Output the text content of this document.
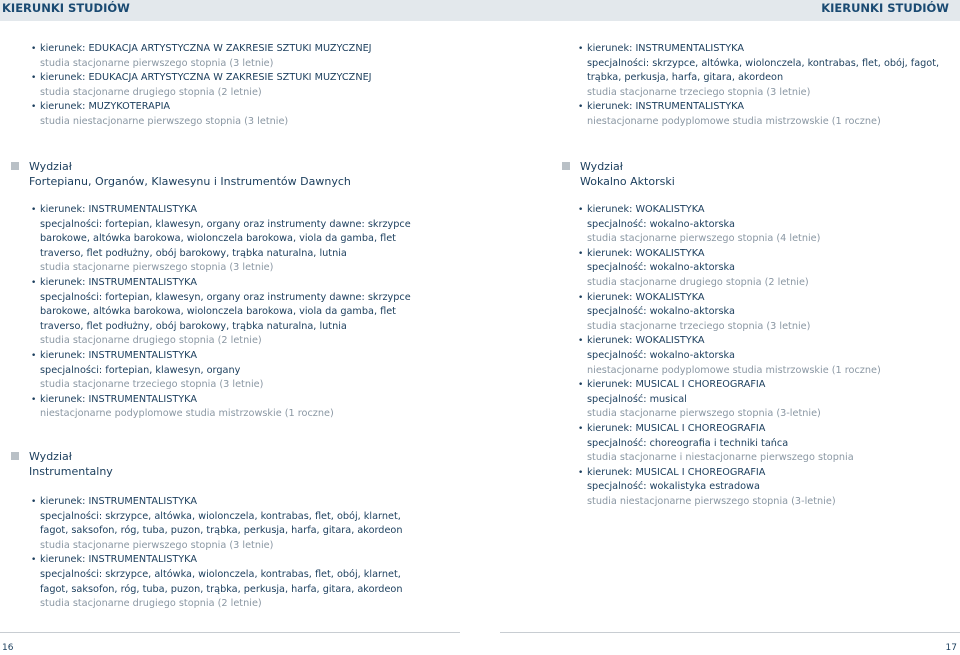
KIERUNKI STUDIÓW	KIERUNKI STUDIÓW
• kierunek: EDUKACJA ARTYSTYCZNA W ZAKRESIE SZTUKI MUZYCZNEJ
studia stacjonarne pierwszego stopnia (3 letnie)
• kierunek: EDUKACJA ARTYSTYCZNA W ZAKRESIE SZTUKI MUZYCZNEJ
studia stacjonarne drugiego stopnia (2 letnie)
• kierunek: MUZYKOTERAPIA
studia niestacjonarne pierwszego stopnia (3 letnie)
• kierunek: INSTRUMENTALISTYKA
specjalności: skrzypce, altówka, wiolonczela, kontrabas, flet, obój, fagot,
trąbka, perkusja, harfa, gitara, akordeon
studia stacjonarne trzeciego stopnia (3 letnie)
• kierunek: INSTRUMENTALISTYKA
niestacjonarne podyplomowe studia mistrzowskie (1 roczne)
Wydział
Fortepianu, Organów, Klawesynu i Instrumentów Dawnych
• kierunek: INSTRUMENTALISTYKA
specjalności: fortepian, klawesyn, organy oraz instrumenty dawne: skrzypce
barokowe, altówka barokowa, wiolonczela barokowa, viola da gamba, flet
traverso, flet podłużny, obój barokowy, trąbka naturalna, lutnia
studia stacjonarne pierwszego stopnia (3 letnie)
• kierunek: INSTRUMENTALISTYKA
specjalności: fortepian, klawesyn, organy oraz instrumenty dawne: skrzypce
barokowe, altówka barokowa, wiolonczela barokowa, viola da gamba, flet
traverso, flet podłużny, obój barokowy, trąbka naturalna, lutnia
studia stacjonarne drugiego stopnia (2 letnie)
• kierunek: INSTRUMENTALISTYKA
specjalności: fortepian, klawesyn, organy
studia stacjonarne trzeciego stopnia (3 letnie)
• kierunek: INSTRUMENTALISTYKA
niestacjonarne podyplomowe studia mistrzowskie (1 roczne)
Wydział
Instrumentalny
• kierunek: INSTRUMENTALISTYKA
specjalności: skrzypce, altówka, wiolonczela, kontrabas, flet, obój, klarnet,
fagot, saksofon, róg, tuba, puzon, trąbka, perkusja, harfa, gitara, akordeon
studia stacjonarne pierwszego stopnia (3 letnie)
• kierunek: INSTRUMENTALISTYKA
specjalności: skrzypce, altówka, wiolonczela, kontrabas, flet, obój, klarnet,
fagot, saksofon, róg, tuba, puzon, trąbka, perkusja, harfa, gitara, akordeon
studia stacjonarne drugiego stopnia (2 letnie)
Wydział
Wokalno Aktorski
• kierunek: WOKALISTYKA
specjalność: wokalno-aktorska
studia stacjonarne pierwszego stopnia (4 letnie)
• kierunek: WOKALISTYKA
specjalność: wokalno-aktorska
studia stacjonarne drugiego stopnia (2 letnie)
• kierunek: WOKALISTYKA
specjalność: wokalno-aktorska
studia stacjonarne trzeciego stopnia (3 letnie)
• kierunek: WOKALISTYKA
specjalność: wokalno-aktorska
niestacjonarne podyplomowe studia mistrzowskie (1 roczne)
• kierunek: MUSICAL I CHOREOGRAFIA
specjalność: musical
studia stacjonarne pierwszego stopnia (3-letnie)
• kierunek: MUSICAL I CHOREOGRAFIA
specjalność: choreografia i techniki tańca
studia stacjonarne i niestacjonarne pierwszego stopnia
• kierunek: MUSICAL I CHOREOGRAFIA
specjalność: wokalistyka estradowa
studia niestacjonarne pierwszego stopnia (3-letnie)
16	17
